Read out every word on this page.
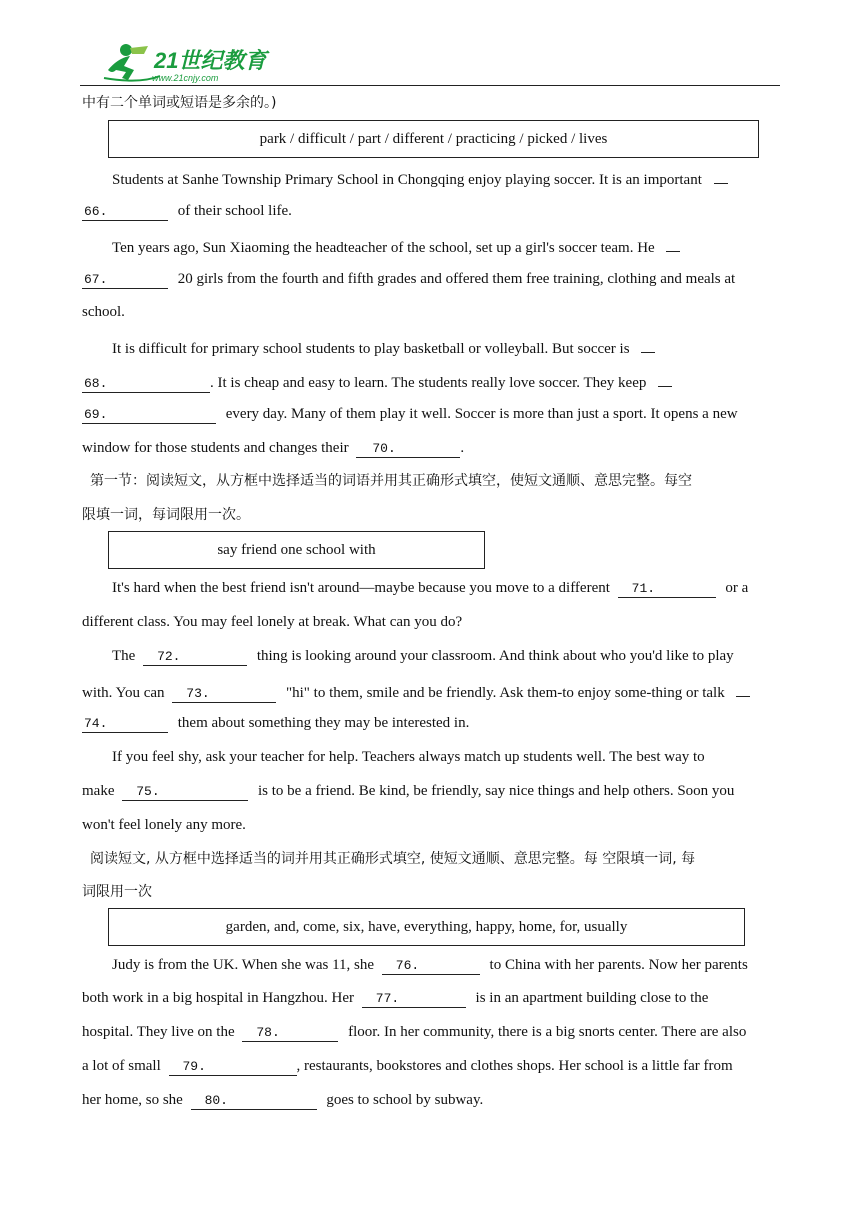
21世纪教育
www.21cnjy.com
中有二个单词或短语是多余的。)
park / difficult / part / different / practicing / picked / lives
Students at Sanhe Township Primary School in Chongqing enjoy playing soccer. It is an important
66.	of their school life.
Ten years ago, Sun Xiaoming the headteacher of the school, set up a girl's soccer team. He
67.	20 girls from the fourth and fifth grades and offered them free training, clothing and meals at
school.
It is difficult for primary school students to play basketball or volleyball. But soccer is
68.	. It is cheap and easy to learn. The students really love soccer. They keep
69.	every day. Many of them play it well. Soccer is more than just a sport. It opens a new
window for those students and changes their 70.	.
第一节：阅读短文，从方框中选择适当的词语并用其正确形式填空，使短文通顺、意思完整。每空
限填一词，每词限用一次。
say friend one school with
It's hard when the best friend isn't around—maybe because you move to a different 71.	or a
different class. You may feel lonely at break. What can you do?
The 72.	thing is looking around your classroom. And think about who you'd like to play
with. You can 73.	"hi" to them, smile and be friendly. Ask them-to enjoy some-thing or talk
74.	them about something they may be interested in.
If you feel shy, ask your teacher for help. Teachers always match up students well. The best way to
make 75.	is to be a friend. Be kind, be friendly, say nice things and help others. Soon you
won't feel lonely any more.
阅读短文, 从方框中选择适当的词并用其正确形式填空, 使短文通顺、意思完整。每 空限填一词, 每
词限用一次
garden, and, come, six, have, everything, happy, home, for, usually
Judy is from the UK. When she was 11, she 76.	to China with her parents. Now her parents
both work in a big hospital in Hangzhou. Her 77.	is in an apartment building close to the
hospital. They live on the 78.	floor. In her community, there is a big snorts center. There are also
a lot of small 79.	, restaurants, bookstores and clothes shops. Her school is a little far from
her home, so she 80.	goes to school by subway.
